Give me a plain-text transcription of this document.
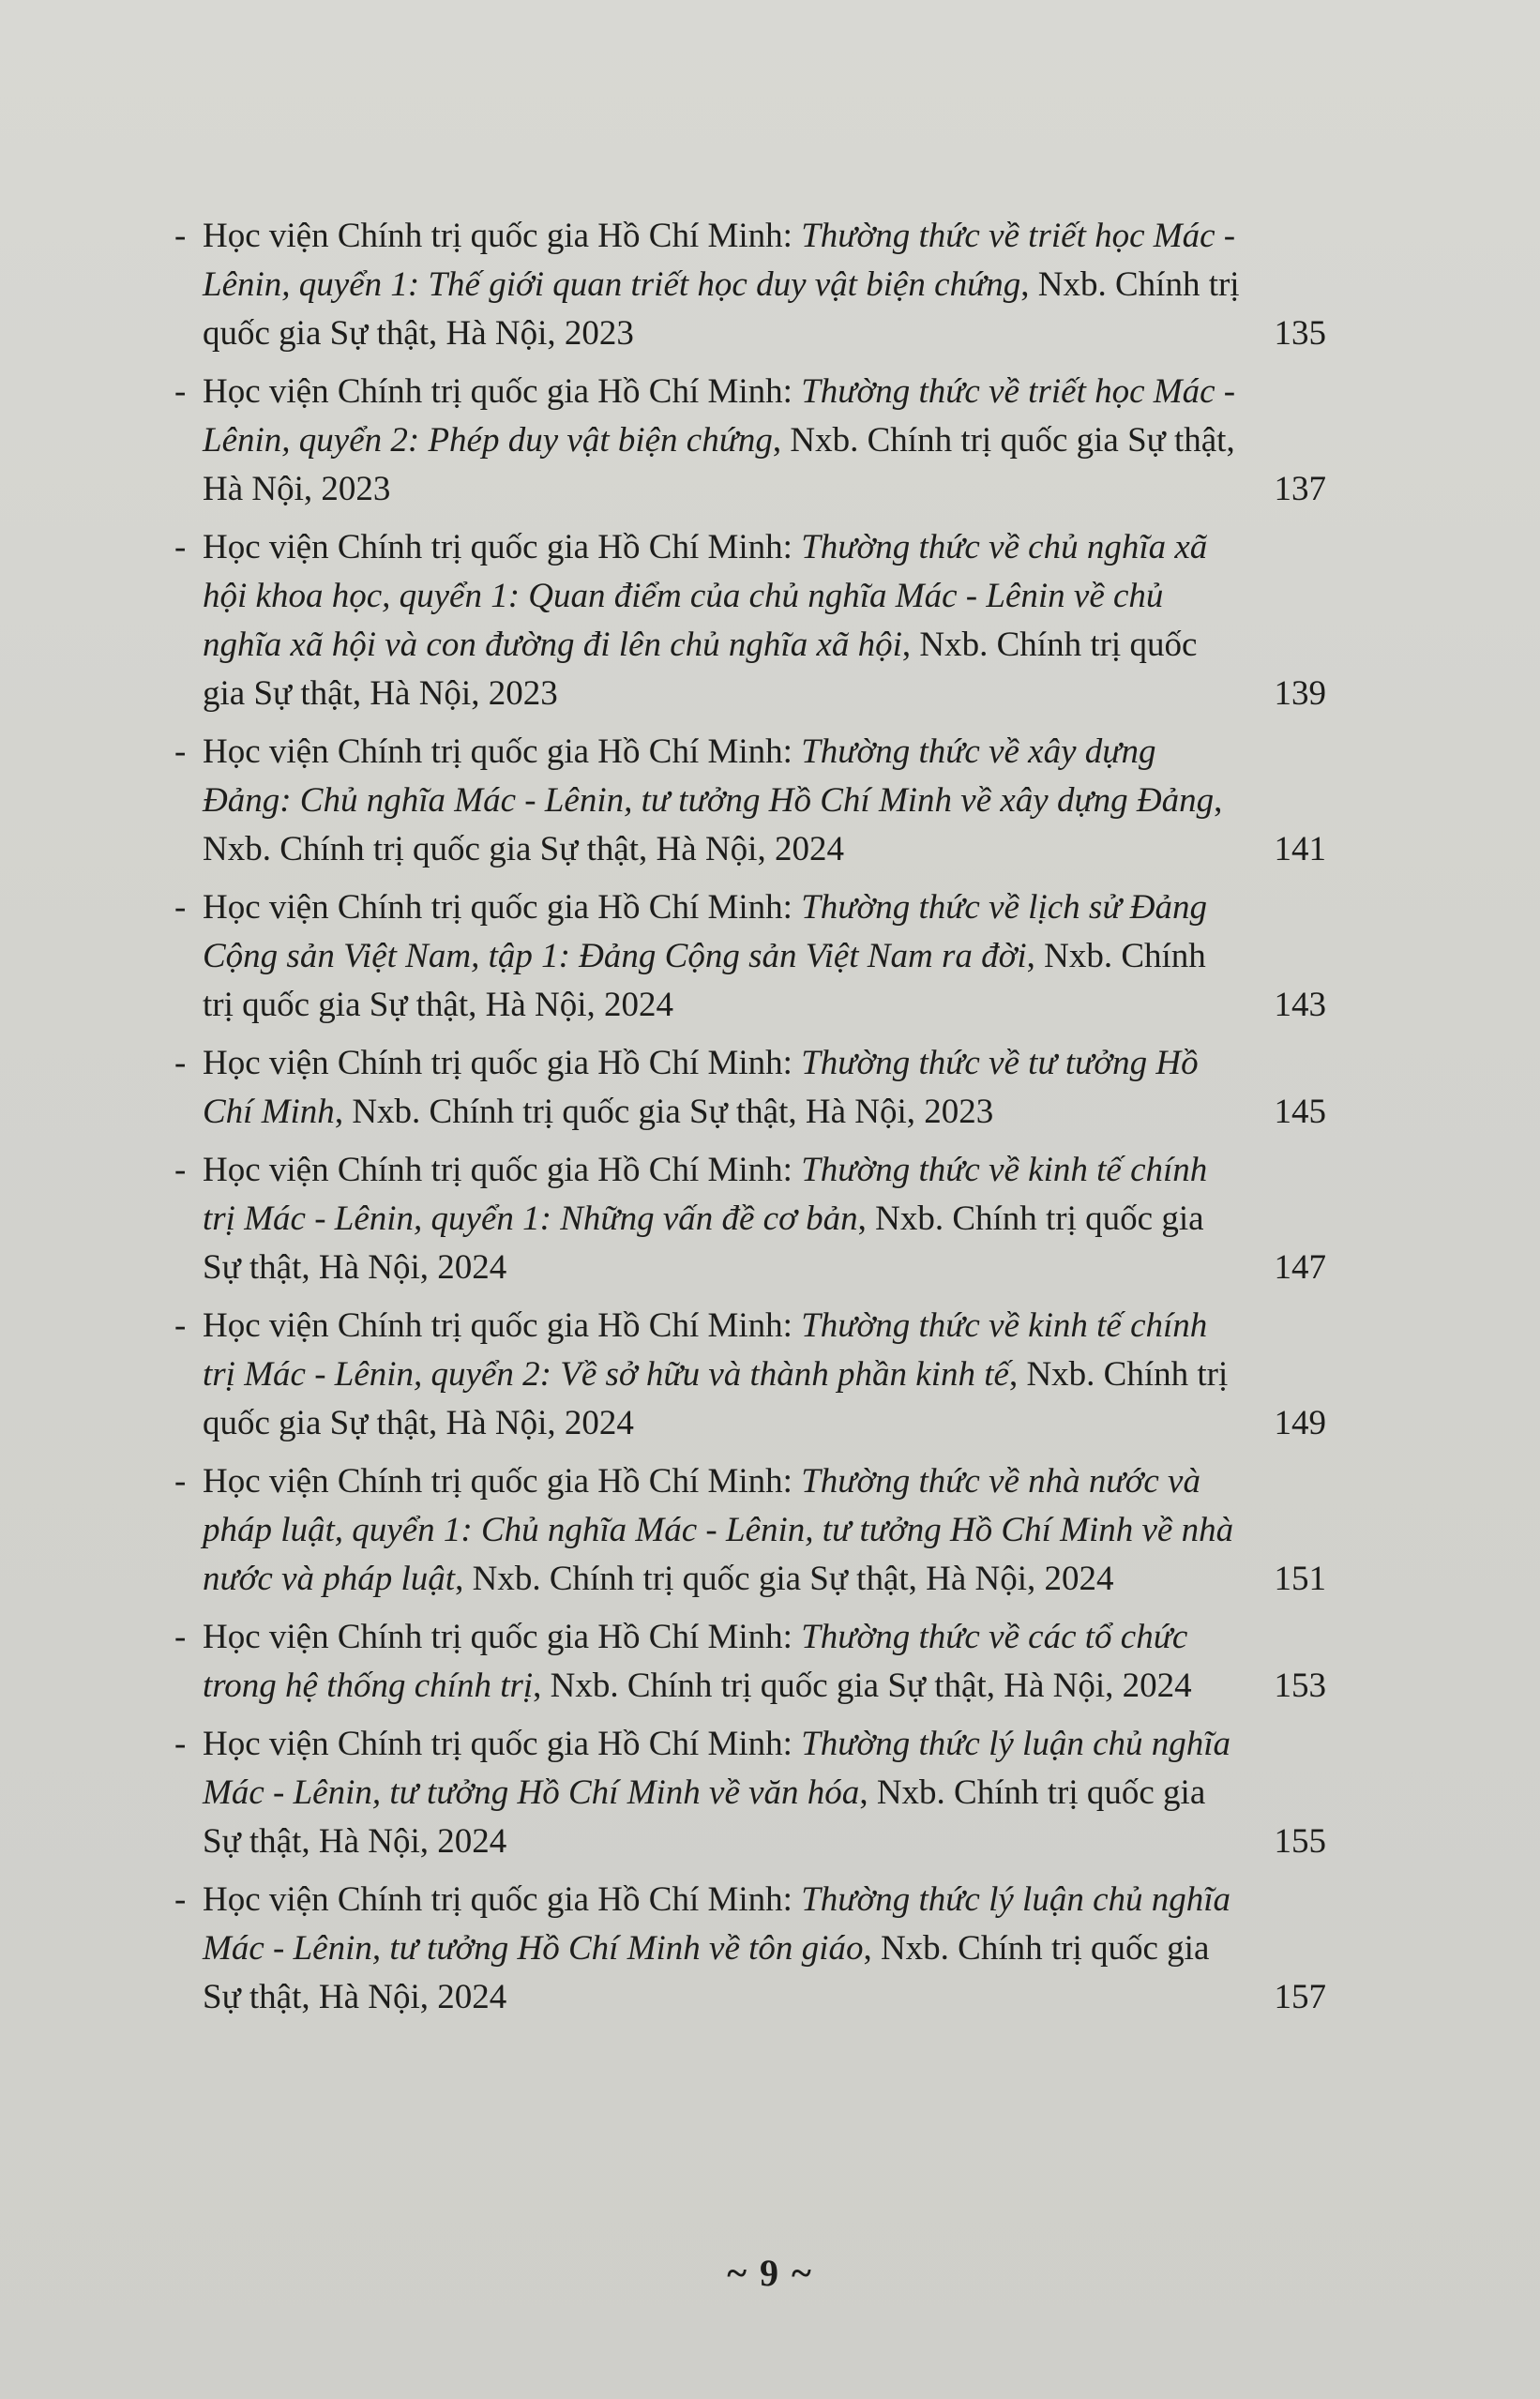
- Học viện Chính trị quốc gia Hồ Chí Minh: Thường thức về triết học Mác - Lênin, quyển 1: Thế giới quan triết học duy vật biện chứng, Nxb. Chính trị quốc gia Sự thật, Hà Nội, 2023	135
- Học viện Chính trị quốc gia Hồ Chí Minh: Thường thức về triết học Mác - Lênin, quyển 2: Phép duy vật biện chứng, Nxb. Chính trị quốc gia Sự thật, Hà Nội, 2023	137
- Học viện Chính trị quốc gia Hồ Chí Minh: Thường thức về chủ nghĩa xã hội khoa học, quyển 1: Quan điểm của chủ nghĩa Mác - Lênin về chủ nghĩa xã hội và con đường đi lên chủ nghĩa xã hội, Nxb. Chính trị quốc gia Sự thật, Hà Nội, 2023	139
- Học viện Chính trị quốc gia Hồ Chí Minh: Thường thức về xây dựng Đảng: Chủ nghĩa Mác - Lênin, tư tưởng Hồ Chí Minh về xây dựng Đảng, Nxb. Chính trị quốc gia Sự thật, Hà Nội, 2024	141
- Học viện Chính trị quốc gia Hồ Chí Minh: Thường thức về lịch sử Đảng Cộng sản Việt Nam, tập 1: Đảng Cộng sản Việt Nam ra đời, Nxb. Chính trị quốc gia Sự thật, Hà Nội, 2024	143
- Học viện Chính trị quốc gia Hồ Chí Minh: Thường thức về tư tưởng Hồ Chí Minh, Nxb. Chính trị quốc gia Sự thật, Hà Nội, 2023	145
- Học viện Chính trị quốc gia Hồ Chí Minh: Thường thức về kinh tế chính trị Mác - Lênin, quyển 1: Những vấn đề cơ bản, Nxb. Chính trị quốc gia Sự thật, Hà Nội, 2024	147
- Học viện Chính trị quốc gia Hồ Chí Minh: Thường thức về kinh tế chính trị Mác - Lênin, quyển 2: Về sở hữu và thành phần kinh tế, Nxb. Chính trị quốc gia Sự thật, Hà Nội, 2024	149
- Học viện Chính trị quốc gia Hồ Chí Minh: Thường thức về nhà nước và pháp luật, quyển 1: Chủ nghĩa Mác - Lênin, tư tưởng Hồ Chí Minh về nhà nước và pháp luật, Nxb. Chính trị quốc gia Sự thật, Hà Nội, 2024	151
- Học viện Chính trị quốc gia Hồ Chí Minh: Thường thức về các tổ chức trong hệ thống chính trị, Nxb. Chính trị quốc gia Sự thật, Hà Nội, 2024	153
- Học viện Chính trị quốc gia Hồ Chí Minh: Thường thức lý luận chủ nghĩa Mác - Lênin, tư tưởng Hồ Chí Minh về văn hóa, Nxb. Chính trị quốc gia Sự thật, Hà Nội, 2024	155
- Học viện Chính trị quốc gia Hồ Chí Minh: Thường thức lý luận chủ nghĩa Mác - Lênin, tư tưởng Hồ Chí Minh về tôn giáo, Nxb. Chính trị quốc gia Sự thật, Hà Nội, 2024	157
~ 9 ~
